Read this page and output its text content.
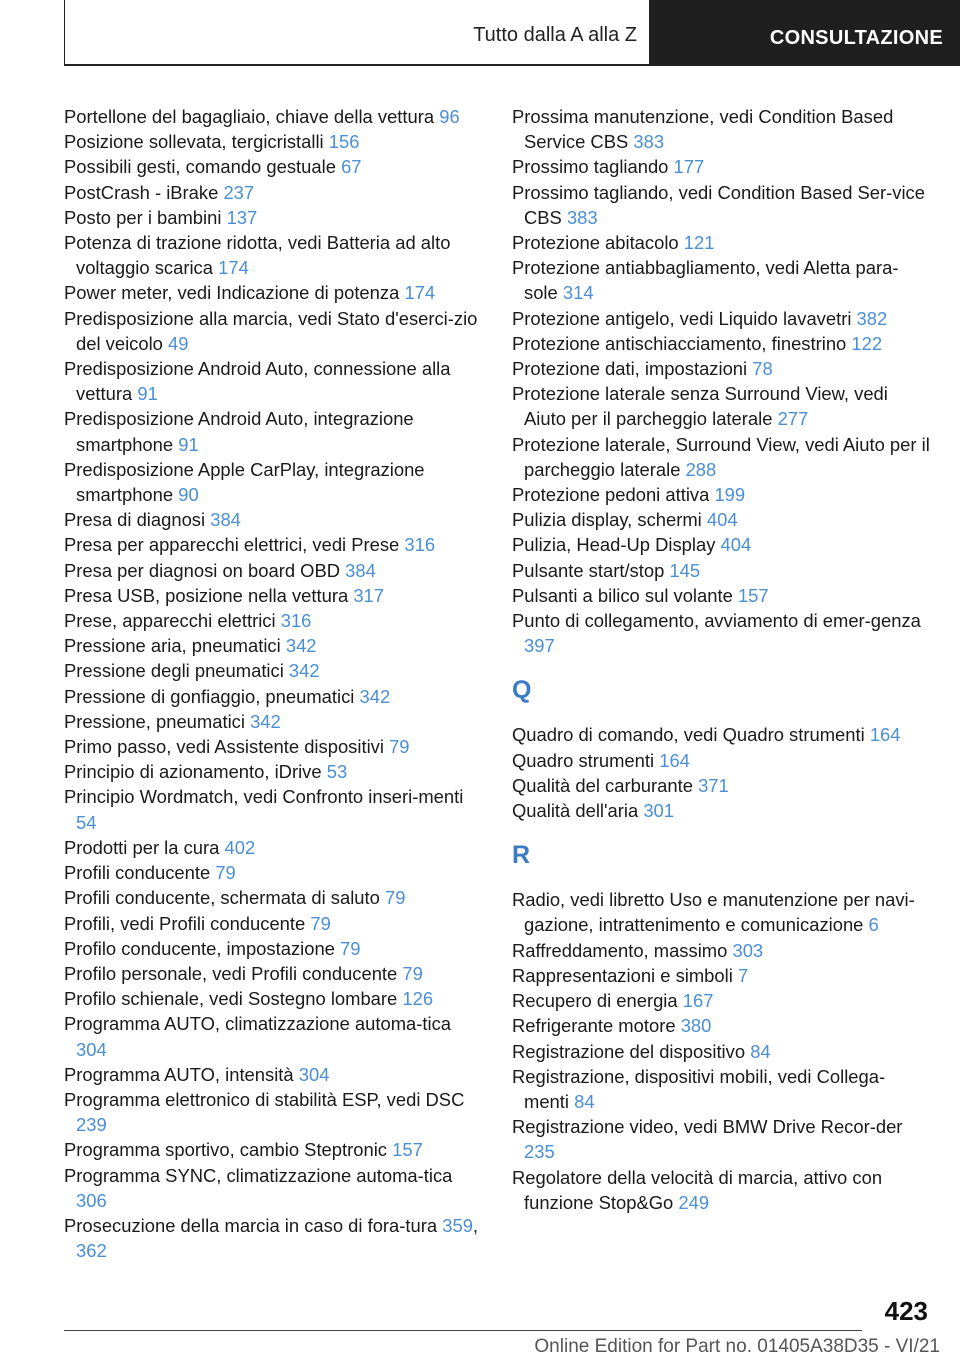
Tutto dalla A alla Z	CONSULTAZIONE
Portellone del bagagliaio, chiave della vettura 96
Posizione sollevata, tergicristalli 156
Possibili gesti, comando gestuale 67
PostCrash - iBrake 237
Posto per i bambini 137
Potenza di trazione ridotta, vedi Batteria ad alto voltaggio scarica 174
Power meter, vedi Indicazione di potenza 174
Predisposizione alla marcia, vedi Stato d'eserci-zio del veicolo 49
Predisposizione Android Auto, connessione alla vettura 91
Predisposizione Android Auto, integrazione smartphone 91
Predisposizione Apple CarPlay, integrazione smartphone 90
Presa di diagnosi 384
Presa per apparecchi elettrici, vedi Prese 316
Presa per diagnosi on board OBD 384
Presa USB, posizione nella vettura 317
Prese, apparecchi elettrici 316
Pressione aria, pneumatici 342
Pressione degli pneumatici 342
Pressione di gonfiaggio, pneumatici 342
Pressione, pneumatici 342
Primo passo, vedi Assistente dispositivi 79
Principio di azionamento, iDrive 53
Principio Wordmatch, vedi Confronto inseri-menti 54
Prodotti per la cura 402
Profili conducente 79
Profili conducente, schermata di saluto 79
Profili, vedi Profili conducente 79
Profilo conducente, impostazione 79
Profilo personale, vedi Profili conducente 79
Profilo schienale, vedi Sostegno lombare 126
Programma AUTO, climatizzazione automa-tica 304
Programma AUTO, intensità 304
Programma elettronico di stabilità ESP, vedi DSC 239
Programma sportivo, cambio Steptronic 157
Programma SYNC, climatizzazione automa-tica 306
Prosecuzione della marcia in caso di fora-tura 359, 362
Prossima manutenzione, vedi Condition Based Service CBS 383
Prossimo tagliando 177
Prossimo tagliando, vedi Condition Based Ser-vice CBS 383
Protezione abitacolo 121
Protezione antiabbagliamento, vedi Aletta para-sole 314
Protezione antigelo, vedi Liquido lavavetri 382
Protezione antischiacciamento, finestrino 122
Protezione dati, impostazioni 78
Protezione laterale senza Surround View, vedi Aiuto per il parcheggio laterale 277
Protezione laterale, Surround View, vedi Aiuto per il parcheggio laterale 288
Protezione pedoni attiva 199
Pulizia display, schermi 404
Pulizia, Head-Up Display 404
Pulsante start/stop 145
Pulsanti a bilico sul volante 157
Punto di collegamento, avviamento di emer-genza 397
Q
Quadro di comando, vedi Quadro strumenti 164
Quadro strumenti 164
Qualità del carburante 371
Qualità dell'aria 301
R
Radio, vedi libretto Uso e manutenzione per navi-gazione, intrattenimento e comunicazione 6
Raffreddamento, massimo 303
Rappresentazioni e simboli 7
Recupero di energia 167
Refrigerante motore 380
Registrazione del dispositivo 84
Registrazione, dispositivi mobili, vedi Collega-menti 84
Registrazione video, vedi BMW Drive Recor-der 235
Regolatore della velocità di marcia, attivo con funzione Stop&Go 249
423
Online Edition for Part no. 01405A38D35 - VI/21
